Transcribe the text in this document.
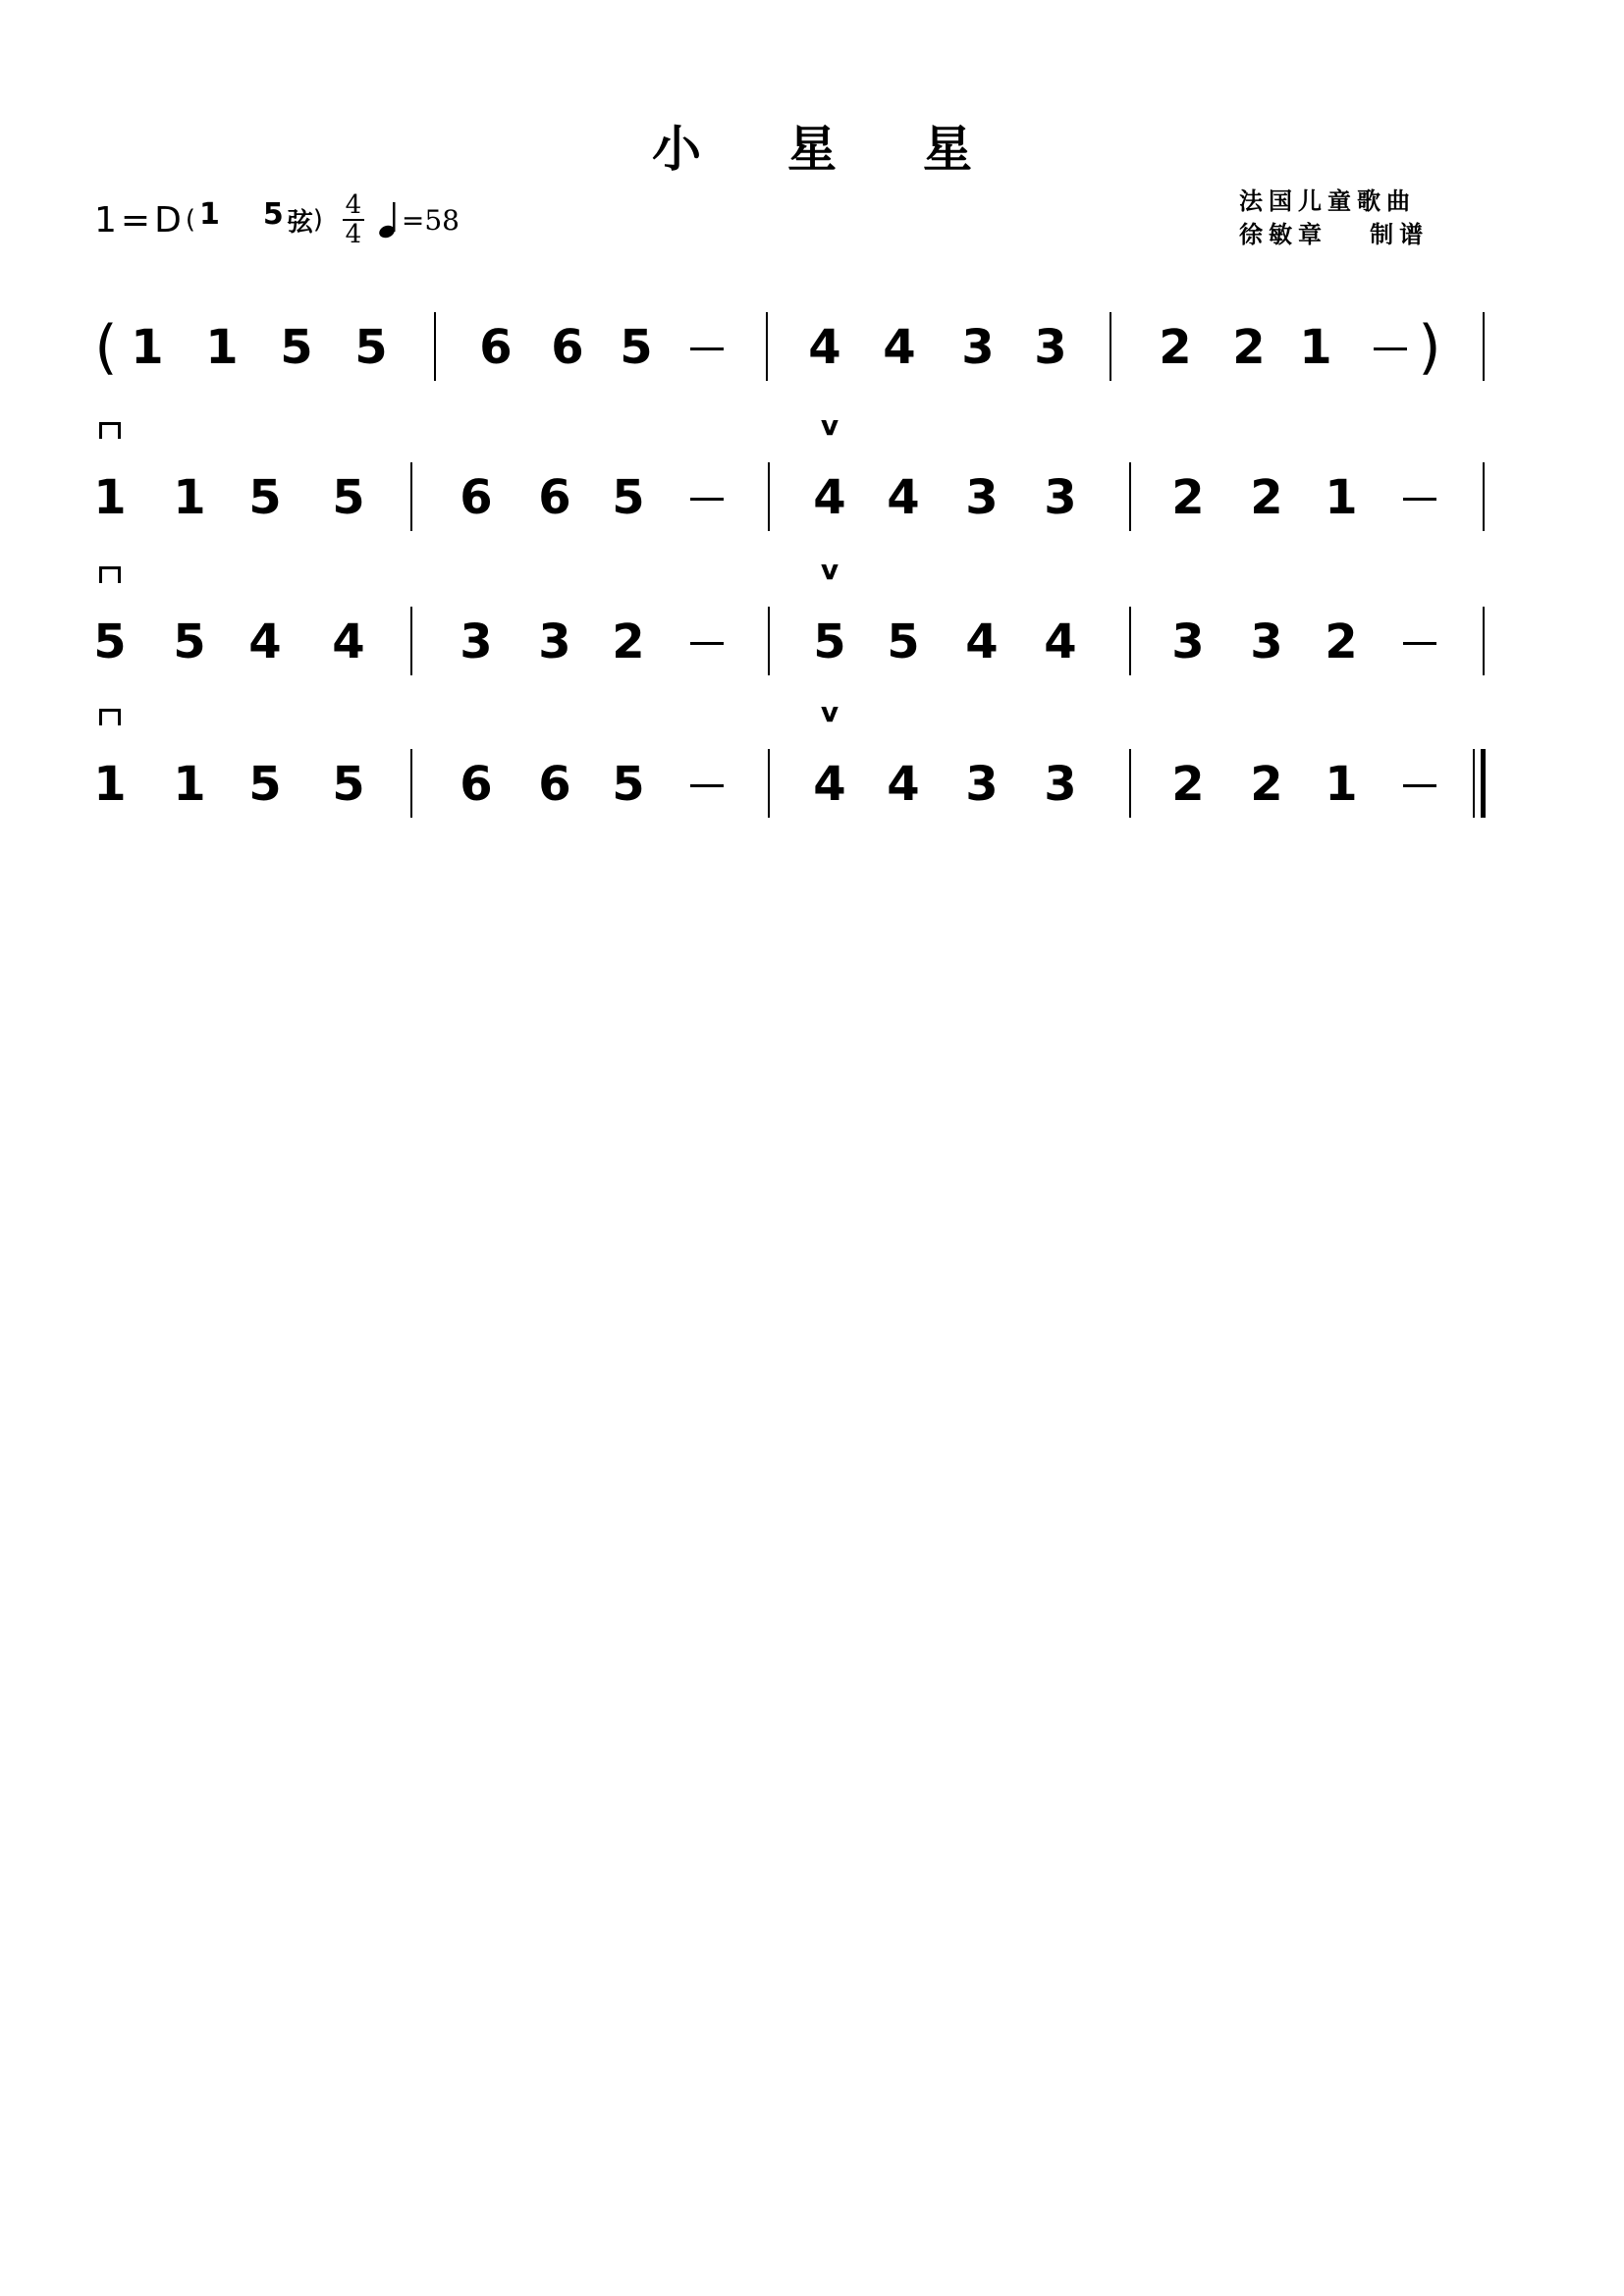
小 星 星
1 = D ( 1 5 弦 ) 4
4 = 58
法国儿童歌曲
徐敏章   制谱
1 1 5 5 6 6 5	4 4 3 3 2 2 1
(	)
1 1 5 5 6 6 5	4 4 3 3 2 2 1
v
5 5 4 4 3 3 2	5 5 4 4 3 3 2
v
1 1 5 5 6 6 5	4 4 3 3 2 2 1
v
